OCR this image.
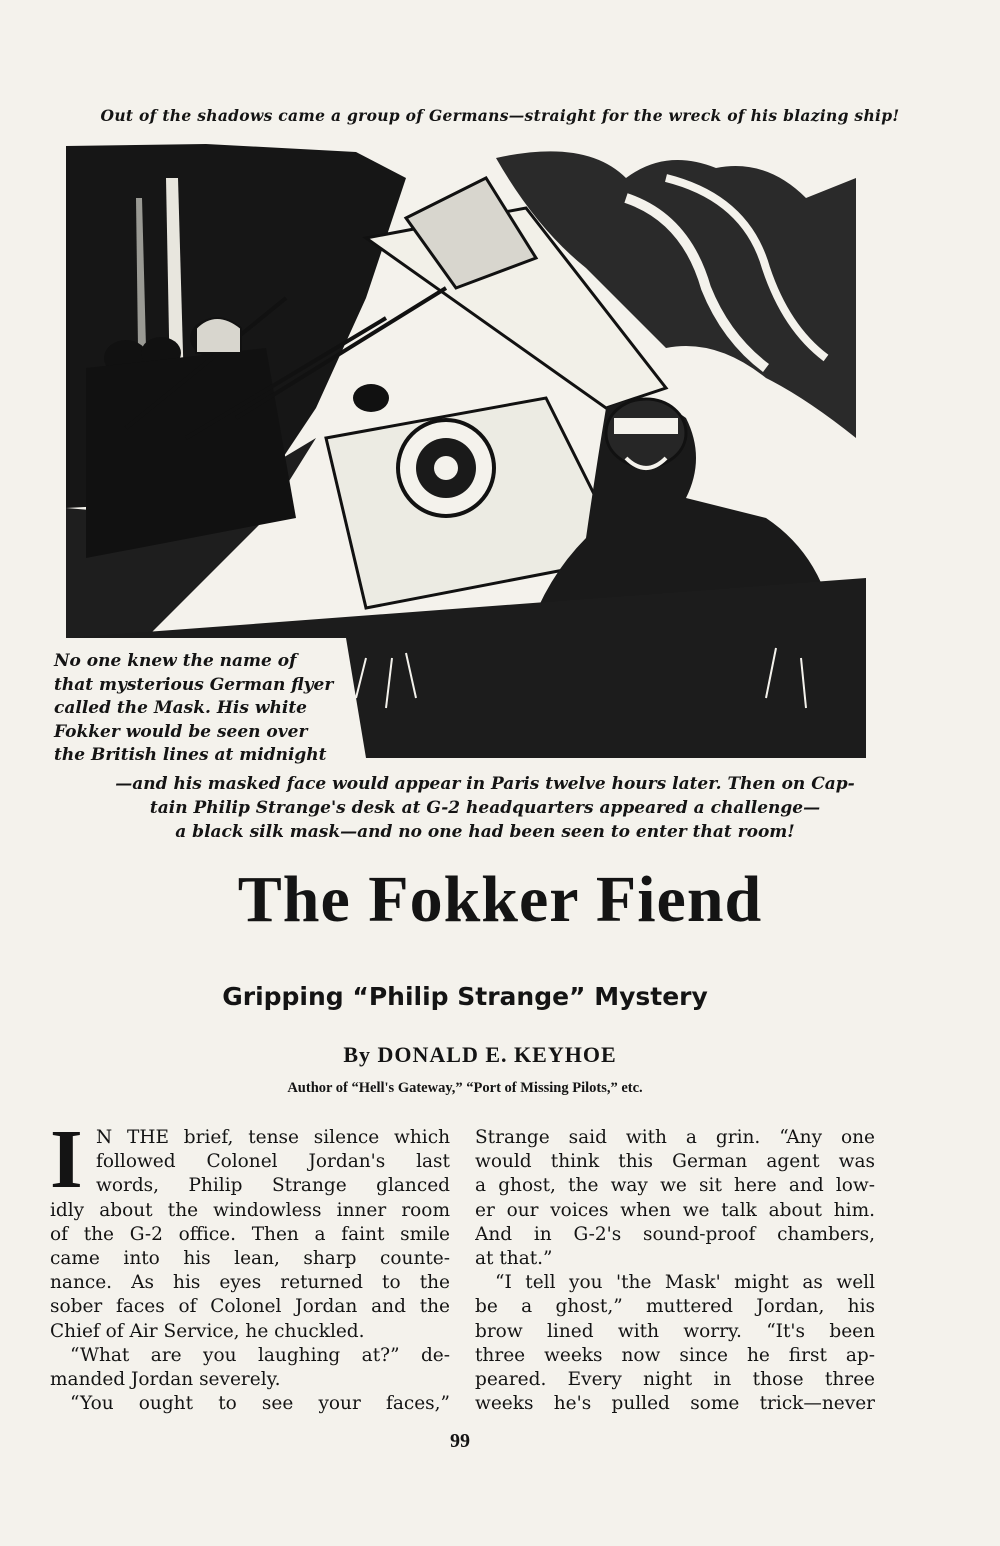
Out of the shadows came a group of Germans—straight for the wreck of his blazing ship!
No one knew the name of
that mysterious German flyer
called the Mask. His white
Fokker would be seen over
the British lines at midnight
—and his masked face would appear in Paris twelve hours later. Then on Cap-
tain Philip Strange's desk at G-2 headquarters appeared a challenge—
a black silk mask—and no one had been seen to enter that room!
The Fokker Fiend
Gripping “Philip Strange” Mystery
By DONALD E. KEYHOE
Author of “Hell's Gateway,” “Port of Missing Pilots,” etc.
I N THE brief, tense silence which
followed Colonel Jordan's last
words, Philip Strange glanced
idly about the windowless inner room
of the G-2 office. Then a faint smile
came into his lean, sharp counte-
nance. As his eyes returned to the
sober faces of Colonel Jordan and the
Chief of Air Service, he chuckled.
“What are you laughing at?” de-
manded Jordan severely.
“You ought to see your faces,”
Strange said with a grin. “Any one
would think this German agent was
a ghost, the way we sit here and low-
er our voices when we talk about him.
And in G-2's sound-proof chambers,
at that.”
“I tell you 'the Mask' might as well
be a ghost,” muttered Jordan, his
brow lined with worry. “It's been
three weeks now since he first ap-
peared. Every night in those three
weeks he's pulled some trick—never
99
